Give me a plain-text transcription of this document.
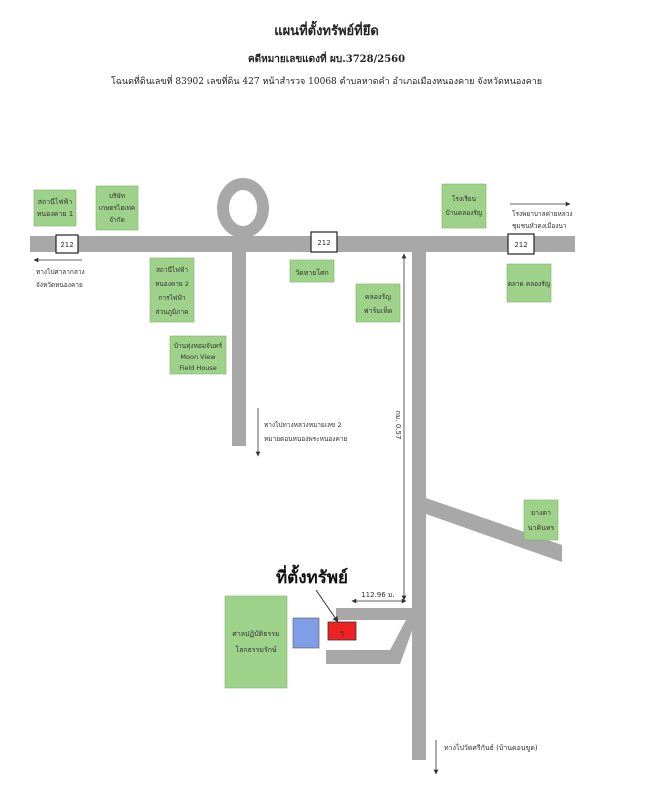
แผนที่ตั้งทรัพย์ที่ยึด
คดีหมายเลขแดงที่ ผบ.3728/2560
โฉนดที่ดินเลขที่ 83902 เลขที่ดิน 427 หน้าสำรวจ 10068 ตำบลหาดคำ อำเภอเมืองหนองคาย จังหวัดหนองคาย
212	212	212
สถานีไฟฟ้าหนองคาย 1
บริษัทเกษตรไฮเทคจำกัด
สถานีไฟฟ้าหนองคาย 2 การไฟฟ้าส่วนภูมิภาค
บ้านทุ่งหอมจันทร์ Moon View Field House
วัดหายโศก
คลองรัญฟาร์มเห็ด
โรงเรียนบ้านคลองรัญ
ตลาด คลองรัญ
ยางตานาคินทร
ศาลปฏิบัติธรรมโลกธรรมรักษ์
ๆ
ที่ตั้งทรัพย์
112.96 ม.
กม. 0.57
ทางไปศาลากลางจังหวัดหนองคาย
โรงพยาบาลค่ายหลวงชุมชนหัวดงเมืองนา
ทางไปทางหลวงหมายเลข 2 หมายตอนหนองพระหนองคาย
ทางไปวัดศรีกันธ์ (บ้านดอนขูด)
